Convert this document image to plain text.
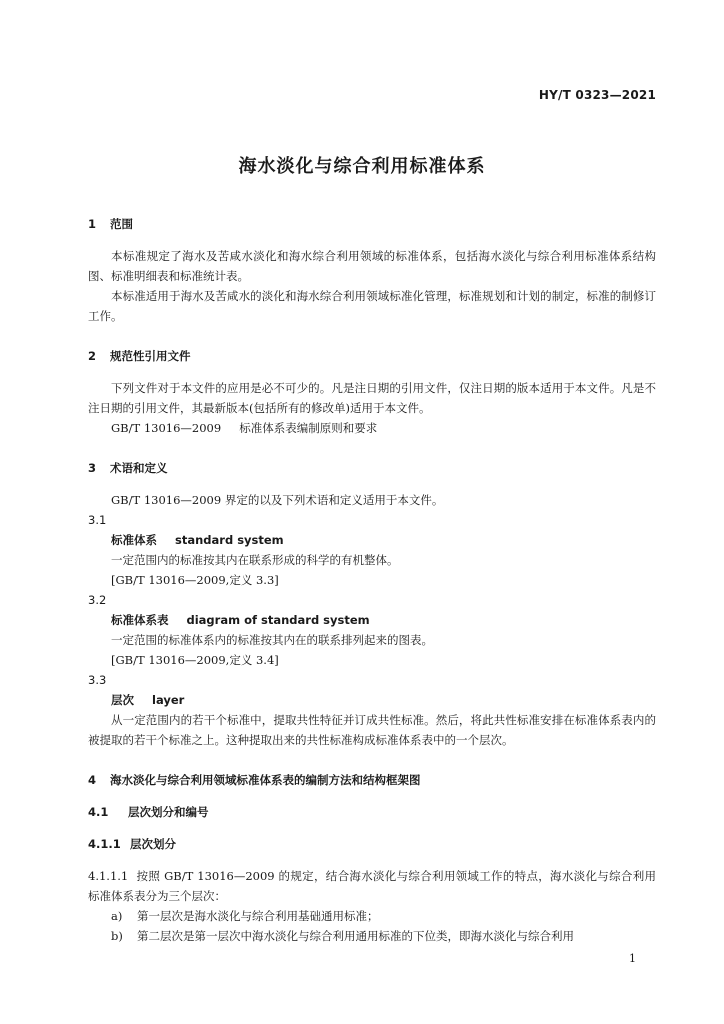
HY/T 0323—2021
海水淡化与综合利用标准体系
1 范围
本标准规定了海水及苦咸水淡化和海水综合利用领域的标准体系，包括海水淡化与综合利用标准体系结构图、标准明细表和标准统计表。
本标准适用于海水及苦咸水的淡化和海水综合利用领域标准化管理，标准规划和计划的制定，标准的制修订工作。
2 规范性引用文件
下列文件对于本文件的应用是必不可少的。凡是注日期的引用文件，仅注日期的版本适用于本文件。凡是不注日期的引用文件，其最新版本(包括所有的修改单)适用于本文件。
GB/T 13016—2009 标准体系表编制原则和要求
3 术语和定义
GB/T 13016—2009 界定的以及下列术语和定义适用于本文件。
3.1
标准体系 standard system
一定范围内的标准按其内在联系形成的科学的有机整体。
[GB/T 13016—2009,定义 3.3]
3.2
标准体系表 diagram of standard system
一定范围的标准体系内的标准按其内在的联系排列起来的图表。
[GB/T 13016—2009,定义 3.4]
3.3
层次 layer
从一定范围内的若干个标准中，提取共性特征并订成共性标准。然后，将此共性标准安排在标准体系表内的被提取的若干个标准之上。这种提取出来的共性标准构成标准体系表中的一个层次。
4 海水淡化与综合利用领域标准体系表的编制方法和结构框架图
4.1 层次划分和编号
4.1.1 层次划分
4.1.1.1 按照 GB/T 13016—2009 的规定，结合海水淡化与综合利用领域工作的特点，海水淡化与综合利用标准体系表分为三个层次：
a) 第一层次是海水淡化与综合利用基础通用标准；
b) 第二层次是第一层次中海水淡化与综合利用通用标准的下位类，即海水淡化与综合利用
1
